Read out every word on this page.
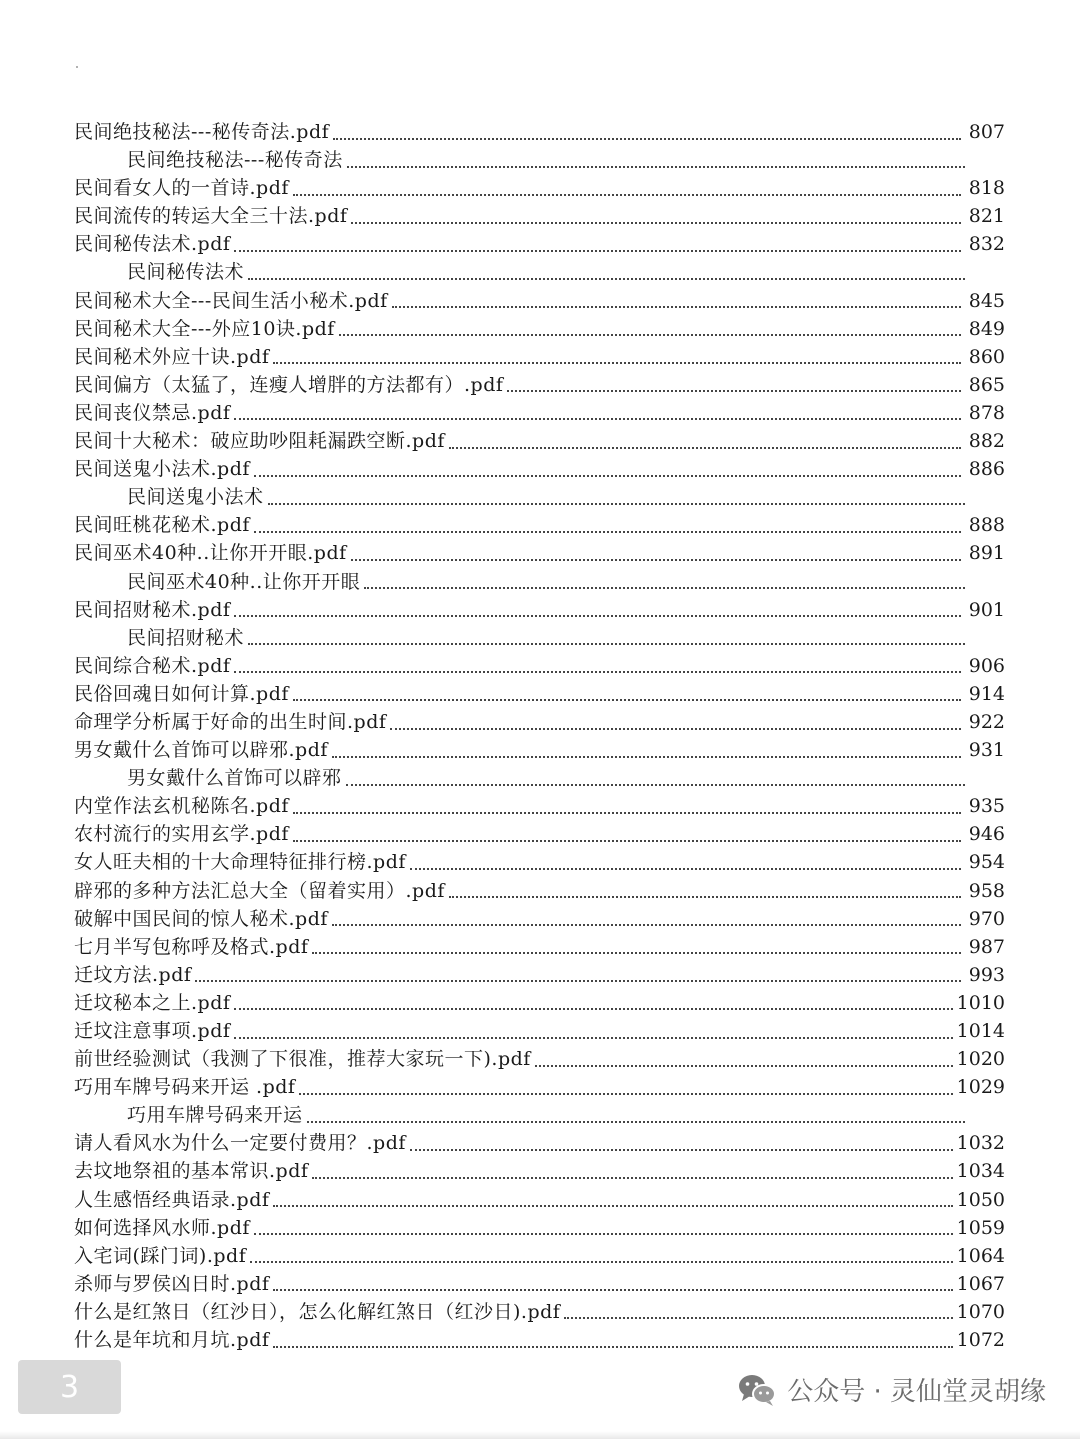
民间绝技秘法---秘传奇法.pdf	807
民间绝技秘法---秘传奇法
民间看女人的一首诗.pdf	818
民间流传的转运大全三十法.pdf	821
民间秘传法术.pdf	832
民间秘传法术
民间秘术大全---民间生活小秘术.pdf	845
民间秘术大全---外应10诀.pdf	849
民间秘术外应十诀.pdf	860
民间偏方（太猛了，连瘦人增胖的方法都有）.pdf	865
民间丧仪禁忌.pdf	878
民间十大秘术：破应助吵阻耗漏跌空断.pdf	882
民间送鬼小法术.pdf	886
民间送鬼小法术
民间旺桃花秘术.pdf	888
民间巫术40种..让你开开眼.pdf	891
民间巫术40种..让你开开眼
民间招财秘术.pdf	901
民间招财秘术
民间综合秘术.pdf	906
民俗回魂日如何计算.pdf	914
命理学分析属于好命的出生时间.pdf	922
男女戴什么首饰可以辟邪.pdf	931
男女戴什么首饰可以辟邪
内堂作法玄机秘陈名.pdf	935
农村流行的实用玄学.pdf	946
女人旺夫相的十大命理特征排行榜.pdf	954
辟邪的多种方法汇总大全（留着实用）.pdf	958
破解中国民间的惊人秘术.pdf	970
七月半写包称呼及格式.pdf	987
迁坟方法.pdf	993
迁坟秘本之上.pdf	1010
迁坟注意事项.pdf	1014
前世经验测试（我测了下很准，推荐大家玩一下).pdf	1020
巧用车牌号码来开运 .pdf	1029
巧用车牌号码来开运
请人看风水为什么一定要付费用？.pdf	1032
去坟地祭祖的基本常识.pdf	1034
人生感悟经典语录.pdf	1050
如何选择风水师.pdf	1059
入宅词(踩门词).pdf	1064
杀师与罗侯凶日时.pdf	1067
什么是红煞日（红沙日），怎么化解红煞日（红沙日).pdf	1070
什么是年坑和月坑.pdf	1072
3	公众号 · 灵仙堂灵胡缘
